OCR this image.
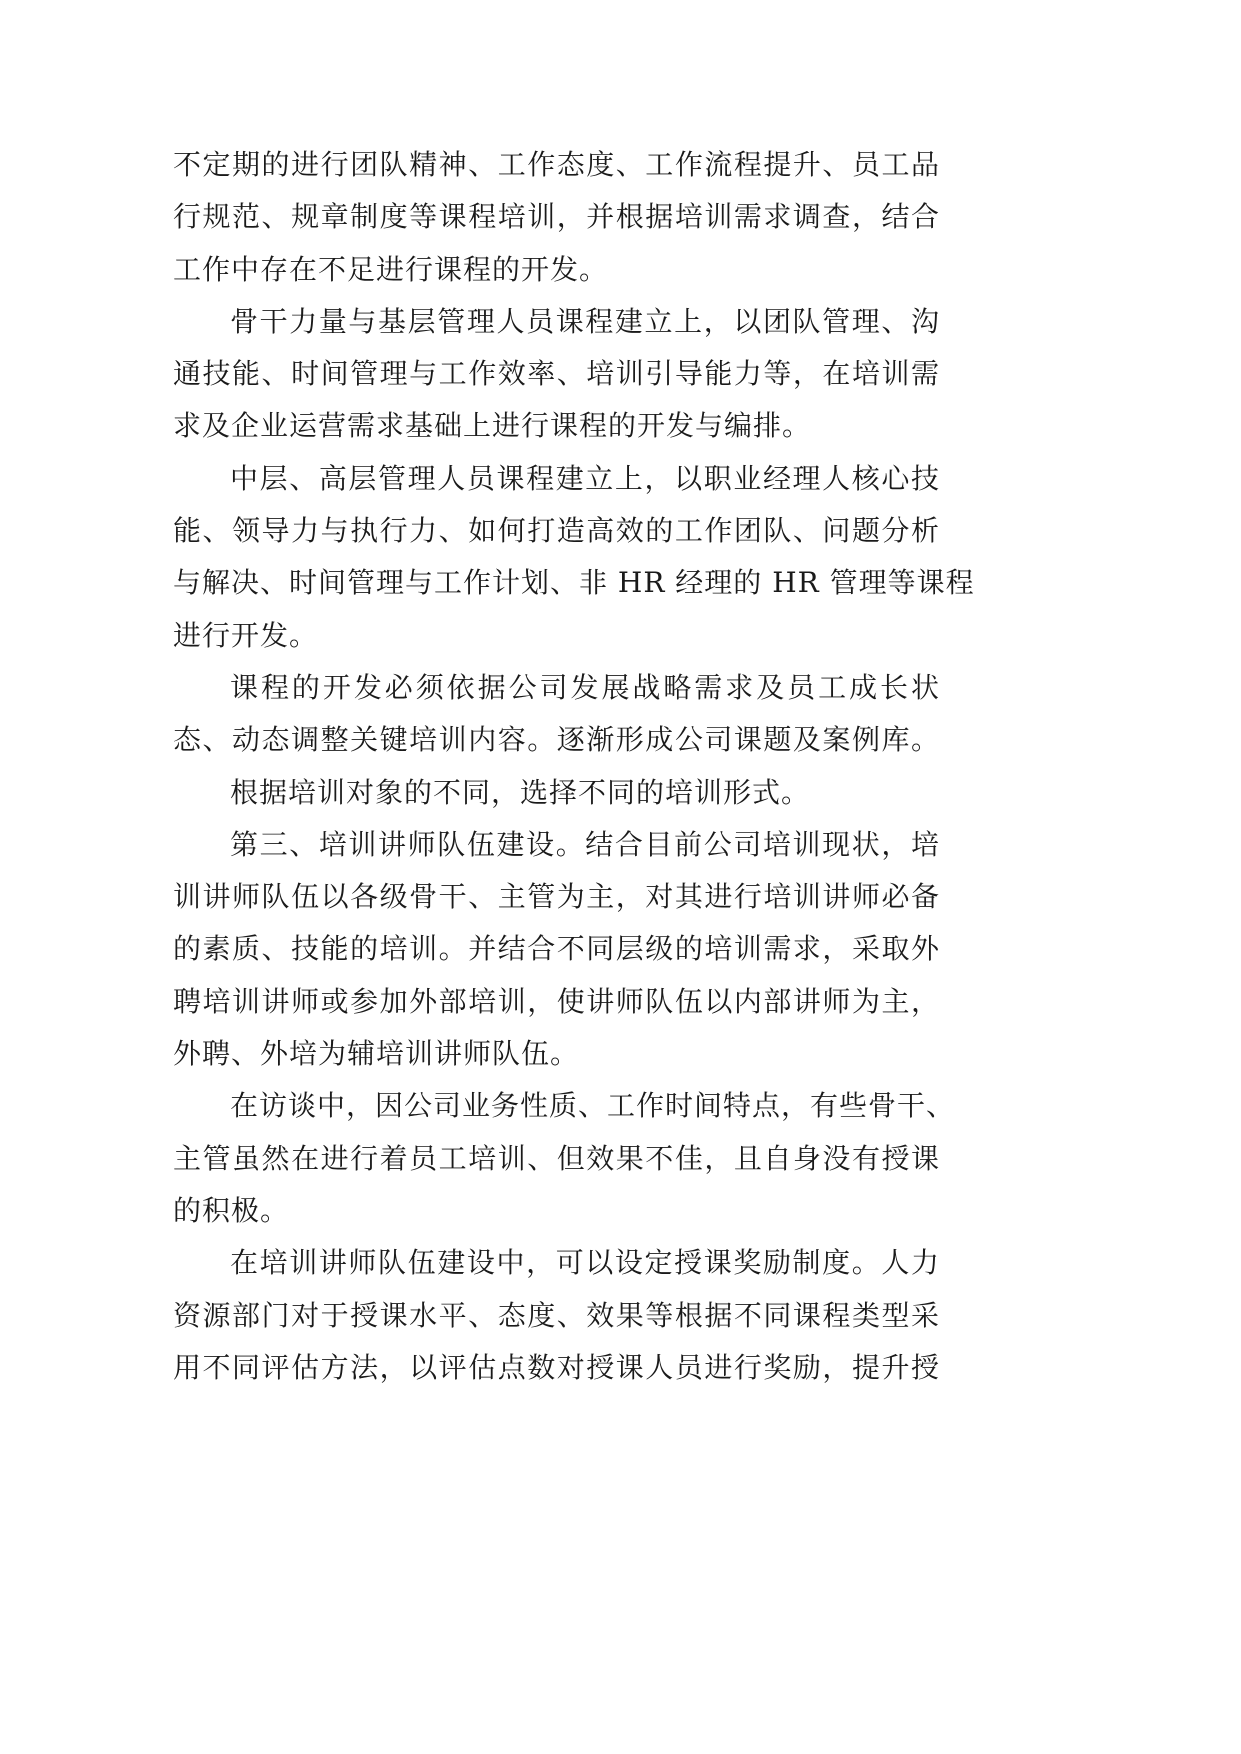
不定期的进行团队精神、工作态度、工作流程提升、员工品
行规范、规章制度等课程培训，并根据培训需求调查，结合
工作中存在不足进行课程的开发。
骨干力量与基层管理人员课程建立上，以团队管理、沟
通技能、时间管理与工作效率、培训引导能力等，在培训需
求及企业运营需求基础上进行课程的开发与编排。
中层、高层管理人员课程建立上，以职业经理人核心技
能、领导力与执行力、如何打造高效的工作团队、问题分析
与解决、时间管理与工作计划、非 HR 经理的 HR 管理等课程
进行开发。
课程的开发必须依据公司发展战略需求及员工成长状
态、动态调整关键培训内容。逐渐形成公司课题及案例库。
根据培训对象的不同，选择不同的培训形式。
第三、培训讲师队伍建设。结合目前公司培训现状，培
训讲师队伍以各级骨干、主管为主，对其进行培训讲师必备
的素质、技能的培训。并结合不同层级的培训需求，采取外
聘培训讲师或参加外部培训，使讲师队伍以内部讲师为主，
外聘、外培为辅培训讲师队伍。
在访谈中，因公司业务性质、工作时间特点，有些骨干、
主管虽然在进行着员工培训、但效果不佳，且自身没有授课
的积极。
在培训讲师队伍建设中，可以设定授课奖励制度。人力
资源部门对于授课水平、态度、效果等根据不同课程类型采
用不同评估方法，以评估点数对授课人员进行奖励，提升授
